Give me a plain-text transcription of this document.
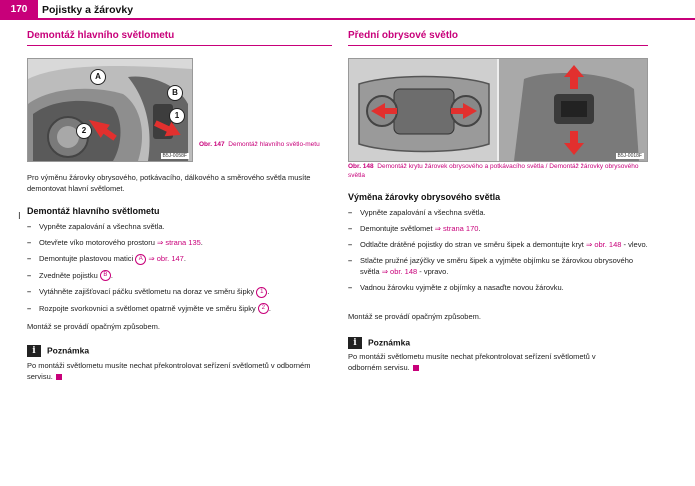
170	Pojistky a žárovky
Demontáž hlavního světlometu
A
B
1
2
B5J-0058F
Obr. 147 Demontáž hlavního světlo-metu
Pro výměnu žárovky obrysového, potkávacího, dálkového a směrového světla musíte demontovat hlavní světlomet.
I Demontáž hlavního světlometu
– Vypněte zapalování a všechna světla.
– Otevřete víko motorového prostoru ⇒ strana 135.
– Demontujte plastovou matici A ⇒ obr. 147.
– Zvedněte pojistku B .
– Vytáhněte zajišťovací páčku světlometu na doraz ve směru šipky 1 .
– Rozpojte svorkovnici a světlomet opatrně vyjměte ve směru šipky 2 .
Montáž se provádí opačným způsobem.
i Poznámka
Po montáži světlometu musíte nechat překontrolovat seřízení světlometů v odborném servisu.
Přední obrysové světlo
B5J-0018F
Obr. 148 Demontáž krytu žárovek obrysového a potkávacího světla / Demontáž žárovky obrysového světla
Výměna žárovky obrysového světla
– Vypněte zapalování a všechna světla.
– Demontujte světlomet ⇒ strana 170.
– Odtlačte drátěné pojistky do stran ve směru šipek a demontujte kryt ⇒ obr. 148 - vlevo.
– Stlačte pružné jazýčky ve směru šipek a vyjměte objímku se žárovkou obrysového světla ⇒ obr. 148 - vpravo.
– Vadnou žárovku vyjměte z objímky a nasaďte novou žárovku.
Montáž se provádí opačným způsobem.
i Poznámka
Po montáži světlometu musíte nechat překontrolovat seřízení světlometů v odborném servisu.
